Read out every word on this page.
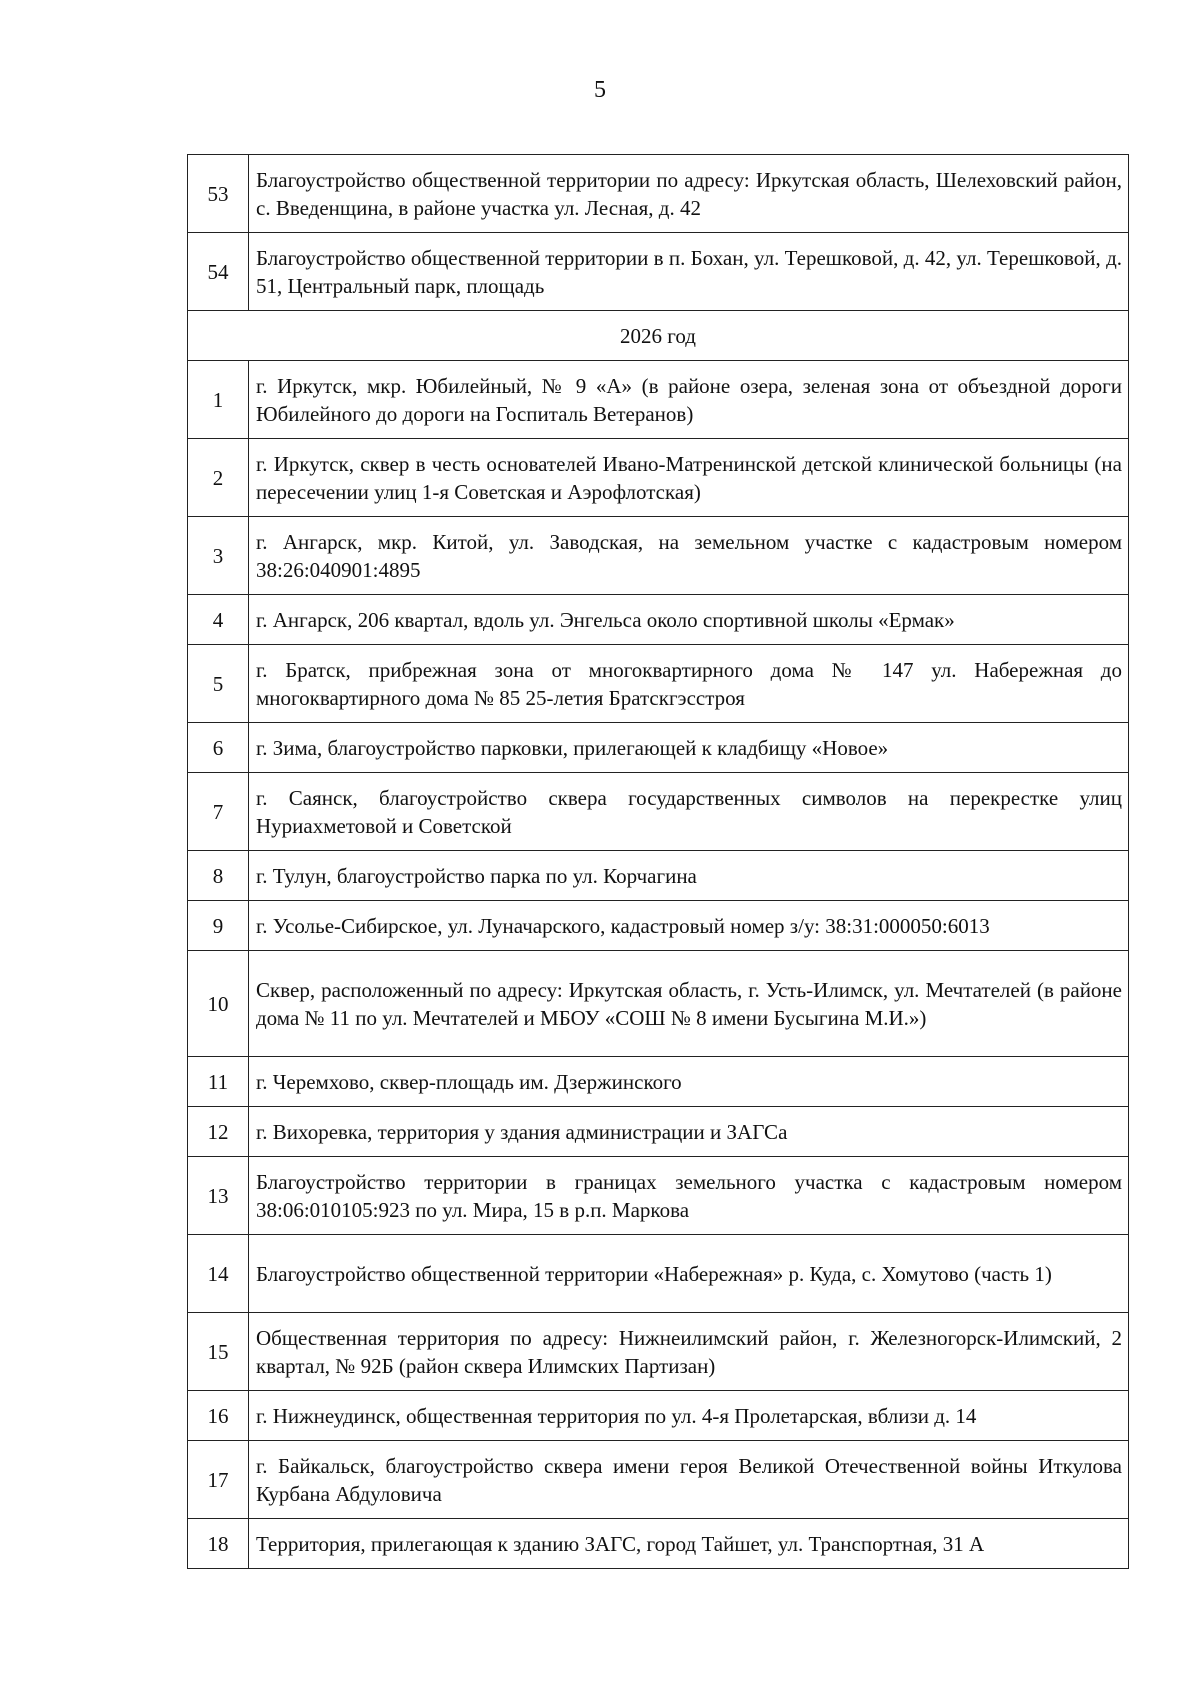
5
53	Благоустройство общественной территории по адресу: Иркутская область, Шелеховский район, с. Введенщина, в районе участка ул. Лесная, д. 42
54	Благоустройство общественной территории в п. Бохан, ул. Терешковой, д. 42, ул. Терешковой, д. 51, Центральный парк, площадь
2026 год	
1	г. Иркутск, мкр. Юбилейный, № 9 «А» (в районе озера, зеленая зона от объездной дороги Юбилейного до дороги на Госпиталь Ветеранов)
2	г. Иркутск, сквер в честь основателей Ивано-Матренинской детской клинической больницы (на пересечении улиц 1-я Советская и Аэрофлотская)
3	г. Ангарск, мкр. Китой, ул. Заводская, на земельном участке с кадастровым номером 38:26:040901:4895
4	г. Ангарск, 206 квартал, вдоль ул. Энгельса около спортивной школы «Ермак»
5	г. Братск, прибрежная зона от многоквартирного дома № 147 ул. Набережная до многоквартирного дома № 85 25-летия Братскгэсстроя
6	г. Зима, благоустройство парковки, прилегающей к кладбищу «Новое»
7	г. Саянск, благоустройство сквера государственных символов на перекрестке улиц Нуриахметовой и Советской
8	г. Тулун, благоустройство парка по ул. Корчагина
9	г. Усолье-Сибирское, ул. Луначарского, кадастровый номер з/у: 38:31:000050:6013
10	Сквер, расположенный по адресу: Иркутская область, г. Усть-Илимск, ул. Мечтателей (в районе дома № 11 по ул. Мечтателей и МБОУ «СОШ № 8 имени Бусыгина М.И.»)
11	г. Черемхово, сквер-площадь им. Дзержинского
12	г. Вихоревка, территория у здания администрации и ЗАГСа
13	Благоустройство территории в границах земельного участка с кадастровым номером 38:06:010105:923 по ул. Мира, 15 в р.п. Маркова
14	Благоустройство общественной территории «Набережная» р. Куда, с. Хомутово (часть 1)
15	Общественная территория по адресу: Нижнеилимский район, г. Железногорск-Илимский, 2 квартал, № 92Б (район сквера Илимских Партизан)
16	г. Нижнеудинск, общественная территория по ул. 4-я Пролетарская, вблизи д. 14
17	г. Байкальск, благоустройство сквера имени героя Великой Отечественной войны Иткулова Курбана Абдуловича
18	Территория, прилегающая к зданию ЗАГС, город Тайшет, ул. Транспортная, 31 А
